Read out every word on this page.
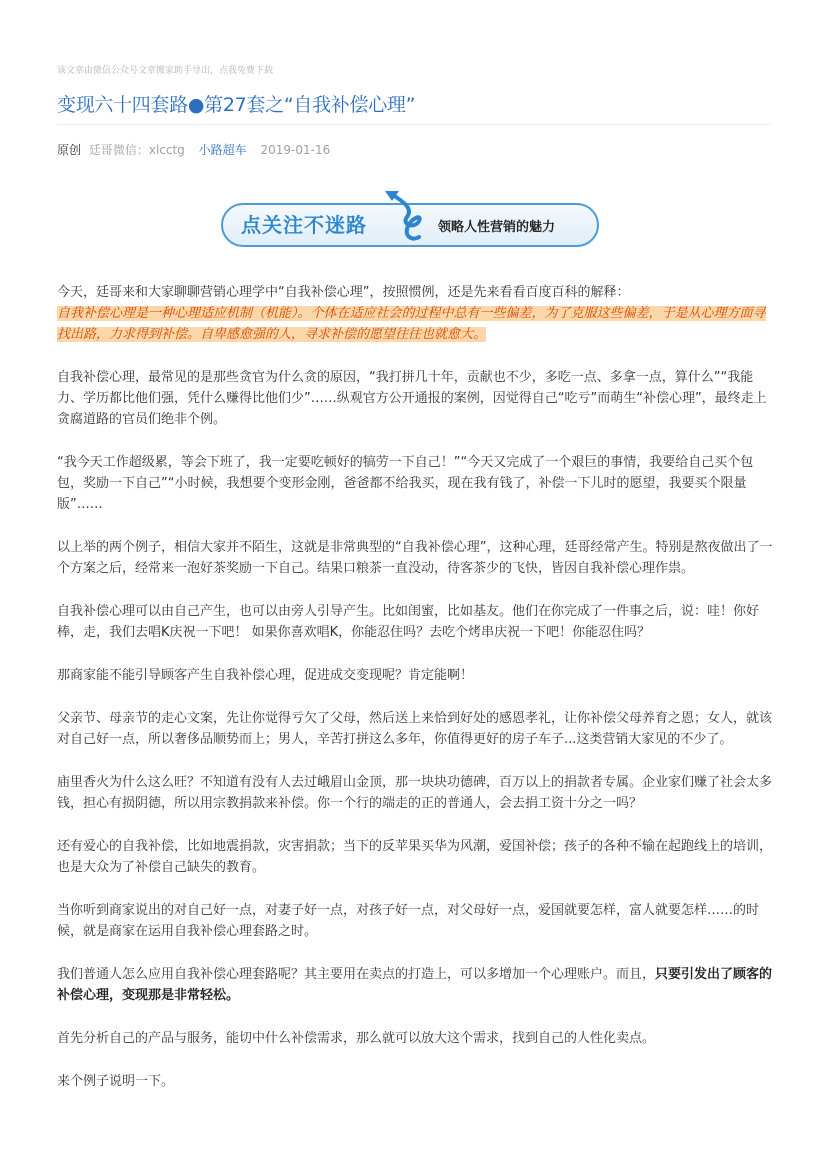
该文章由微信公众号文章搬家助手导出，点我免费下载
变现六十四套路●第27套之“自我补偿心理”
原创 廷哥微信：xlcctg 小路超车 2019-01-16
点关注不迷路	领略人性营销的魅力

今天，廷哥来和大家聊聊营销心理学中“自我补偿心理”，按照惯例，还是先来看看百度百科的解释：

自我补偿心理是一种心理适应机制（机能）。个体在适应社会的过程中总有一些偏差，为了克服这些偏差，于是从心理方面寻找出路，力求得到补偿。自卑感愈强的人，寻求补偿的愿望往往也就愈大。

自我补偿心理，最常见的是那些贪官为什么贪的原因，“我打拼几十年，贡献也不少，多吃一点、多拿一点，算什么”“我能力、学历都比他们强，凭什么赚得比他们少”……纵观官方公开通报的案例，因觉得自己“吃亏”而萌生“补偿心理”，最终走上贪腐道路的官员们绝非个例。

“我今天工作超级累，等会下班了，我一定要吃顿好的犒劳一下自己！”“今天又完成了一个艰巨的事情，我要给自己买个包包，奖励一下自己”“小时候，我想要个变形金刚，爸爸都不给我买，现在我有钱了，补偿一下儿时的愿望，我要买个限量版”……

以上举的两个例子，相信大家并不陌生，这就是非常典型的“自我补偿心理”，这种心理，廷哥经常产生。特别是熬夜做出了一个方案之后，经常来一泡好茶奖励一下自己。结果口粮茶一直没动，待客茶少的飞快，皆因自我补偿心理作祟。

自我补偿心理可以由自己产生，也可以由旁人引导产生。比如闺蜜，比如基友。他们在你完成了一件事之后，说：哇！你好棒，走，我们去唱K庆祝一下吧！ 如果你喜欢唱K，你能忍住吗？去吃个烤串庆祝一下吧！你能忍住吗？

那商家能不能引导顾客产生自我补偿心理，促进成交变现呢？肯定能啊！

父亲节、母亲节的走心文案，先让你觉得亏欠了父母，然后送上来恰到好处的感恩孝礼，让你补偿父母养育之恩；女人，就该对自己好一点，所以奢侈品顺势而上；男人，辛苦打拼这么多年，你值得更好的房子车子...这类营销大家见的不少了。

庙里香火为什么这么旺？不知道有没有人去过峨眉山金顶，那一块块功德碑，百万以上的捐款者专属。企业家们赚了社会太多钱，担心有损阴德，所以用宗教捐款来补偿。你一个行的端走的正的普通人，会去捐工资十分之一吗？

还有爱心的自我补偿，比如地震捐款，灾害捐款；当下的反苹果买华为风潮，爱国补偿；孩子的各种不输在起跑线上的培训，也是大众为了补偿自己缺失的教育。

当你听到商家说出的对自己好一点，对妻子好一点，对孩子好一点，对父母好一点，爱国就要怎样，富人就要怎样……的时候，就是商家在运用自我补偿心理套路之时。

我们普通人怎么应用自我补偿心理套路呢？其主要用在卖点的打造上，可以多增加一个心理账户。而且，只要引发出了顾客的补偿心理，变现那是非常轻松。

首先分析自己的产品与服务，能切中什么补偿需求，那么就可以放大这个需求，找到自己的人性化卖点。

来个例子说明一下。
